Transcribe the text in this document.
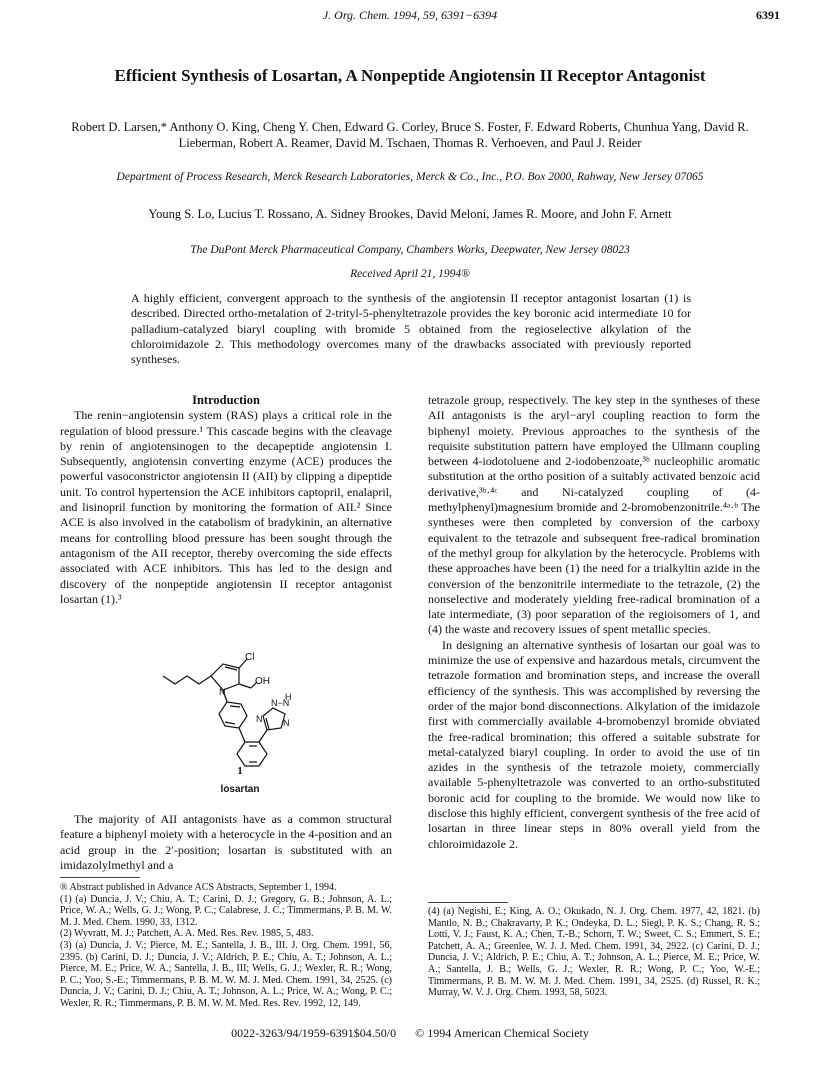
J. Org. Chem. 1994, 59, 6391−6394	6391
Efficient Synthesis of Losartan, A Nonpeptide Angiotensin II Receptor Antagonist
Robert D. Larsen,* Anthony O. King, Cheng Y. Chen, Edward G. Corley, Bruce S. Foster, F. Edward Roberts, Chunhua Yang, David R. Lieberman, Robert A. Reamer, David M. Tschaen, Thomas R. Verhoeven, and Paul J. Reider
Department of Process Research, Merck Research Laboratories, Merck & Co., Inc., P.O. Box 2000, Rahway, New Jersey 07065
Young S. Lo, Lucius T. Rossano, A. Sidney Brookes, David Meloni, James R. Moore, and John F. Arnett
The DuPont Merck Pharmaceutical Company, Chambers Works, Deepwater, New Jersey 08023
Received April 21, 1994®
A highly efficient, convergent approach to the synthesis of the angiotensin II receptor antagonist losartan (1) is described. Directed ortho-metalation of 2-trityl-5-phenyltetrazole provides the key boronic acid intermediate 10 for palladium-catalyzed biaryl coupling with bromide 5 obtained from the regioselective alkylation of the chloroimidazole 2. This methodology overcomes many of the drawbacks associated with previously reported syntheses.

Introduction

The renin−angiotensin system (RAS) plays a critical role in the regulation of blood pressure.¹ This cascade begins with the cleavage by renin of angiotensinogen to the decapeptide angiotensin I. Subsequently, angiotensin converting enzyme (ACE) produces the powerful vasoconstrictor angiotensin II (AII) by clipping a dipeptide unit. To control hypertension the ACE inhibitors captopril, enalapril, and lisinopril function by monitoring the formation of AII.² Since ACE is also involved in the catabolism of bradykinin, an alternative means for controlling blood pressure has been sought through the antagonism of the AII receptor, thereby overcoming the side effects associated with ACE inhibitors. This has led to the design and discovery of the nonpeptide angiotensin II receptor antagonist losartan (1).³

Cl
OH
N
N−N
H
N N
1
losartan

The majority of AII antagonists have as a common structural feature a biphenyl moiety with a heterocycle in the 4-position and an acid group in the 2′-position; losartan is substituted with an imidazolylmethyl and a

® Abstract published in Advance ACS Abstracts, September 1, 1994.

(1) (a) Duncia, J. V.; Chiu, A. T.; Carini, D. J.; Gregory, G. B.; Johnson, A. L.; Price, W. A.; Wells, G. J.; Wong, P. C.; Calabrese, J. C.; Timmermans, P. B. M. W. M. J. Med. Chem. 1990, 33, 1312.

(2) Wyvratt, M. J.; Patchett, A. A. Med. Res. Rev. 1985, 5, 483.

(3) (a) Duncia, J. V.; Pierce, M. E.; Santella, J. B., III. J. Org. Chem. 1991, 56, 2395. (b) Carini, D. J.; Duncia, J. V.; Aldrich, P. E.; Chiu, A. T.; Johnson, A. L.; Pierce, M. E.; Price, W. A.; Santella, J. B., III; Wells, G. J.; Wexler, R. R.; Wong, P. C.; Yoo, S.-E.; Timmermans, P. B. M. W. M. J. Med. Chem. 1991, 34, 2525. (c) Duncia, J. V.; Carini, D. J.; Chiu, A. T.; Johnson, A. L.; Price, W. A.; Wong, P. C.; Wexler, R. R.; Timmermans, P. B. M. W. M. Med. Res. Rev. 1992, 12, 149.

tetrazole group, respectively. The key step in the syntheses of these AII antagonists is the aryl−aryl coupling reaction to form the biphenyl moiety. Previous approaches to the synthesis of the requisite substitution pattern have employed the Ullmann coupling between 4-iodotoluene and 2-iodobenzoate,³ᵇ nucleophilic aromatic substitution at the ortho position of a suitably activated benzoic acid derivative,³ᵇ·⁴ᶜ and Ni-catalyzed coupling of (4-methylphenyl)magnesium bromide and 2-bromobenzonitrile.⁴ᵃ·ᵇ The syntheses were then completed by conversion of the carboxy equivalent to the tetrazole and subsequent free-radical bromination of the methyl group for alkylation by the heterocycle. Problems with these approaches have been (1) the need for a trialkyltin azide in the conversion of the benzonitrile intermediate to the tetrazole, (2) the nonselective and moderately yielding free-radical bromination of a late intermediate, (3) poor separation of the regioisomers of 1, and (4) the waste and recovery issues of spent metallic species.

In designing an alternative synthesis of losartan our goal was to minimize the use of expensive and hazardous metals, circumvent the tetrazole formation and bromination steps, and increase the overall efficiency of the synthesis. This was accomplished by reversing the order of the major bond disconnections. Alkylation of the imidazole first with commercially available 4-bromobenzyl bromide obviated the free-radical bromination; this offered a suitable substrate for metal-catalyzed biaryl coupling. In order to avoid the use of tin azides in the synthesis of the tetrazole moiety, commercially available 5-phenyltetrazole was converted to an ortho-substituted boronic acid for coupling to the bromide. We would now like to disclose this highly efficient, convergent synthesis of the free acid of losartan in three linear steps in 80% overall yield from the chloroimidazole 2.

(4) (a) Negishi, E.; King, A. O.; Okukado, N. J. Org. Chem. 1977, 42, 1821. (b) Mantlo, N. B.; Chakravarty, P. K.; Ondeyka, D. L.; Siegl, P. K. S.; Chang, R. S.; Lotti, V. J.; Faust, K. A.; Chen, T.-B.; Schorn, T. W.; Sweet, C. S.; Emmert, S. E.; Patchett, A. A.; Greenlee, W. J. J. Med. Chem. 1991, 34, 2922. (c) Carini, D. J.; Duncia, J. V.; Aldrich, P. E.; Chiu, A. T.; Johnson, A. L.; Pierce, M. E.; Price, W. A.; Santella, J. B.; Wells, G. J.; Wexler, R. R.; Wong, P. C.; Yoo, W.-E.; Timmermans, P. B. M. W. M. J. Med. Chem. 1991, 34, 2525. (d) Russel, R. K.; Murray, W. V. J. Org. Chem. 1993, 58, 5023.

0022-3263/94/1959-6391$04.50/0 © 1994 American Chemical Society
